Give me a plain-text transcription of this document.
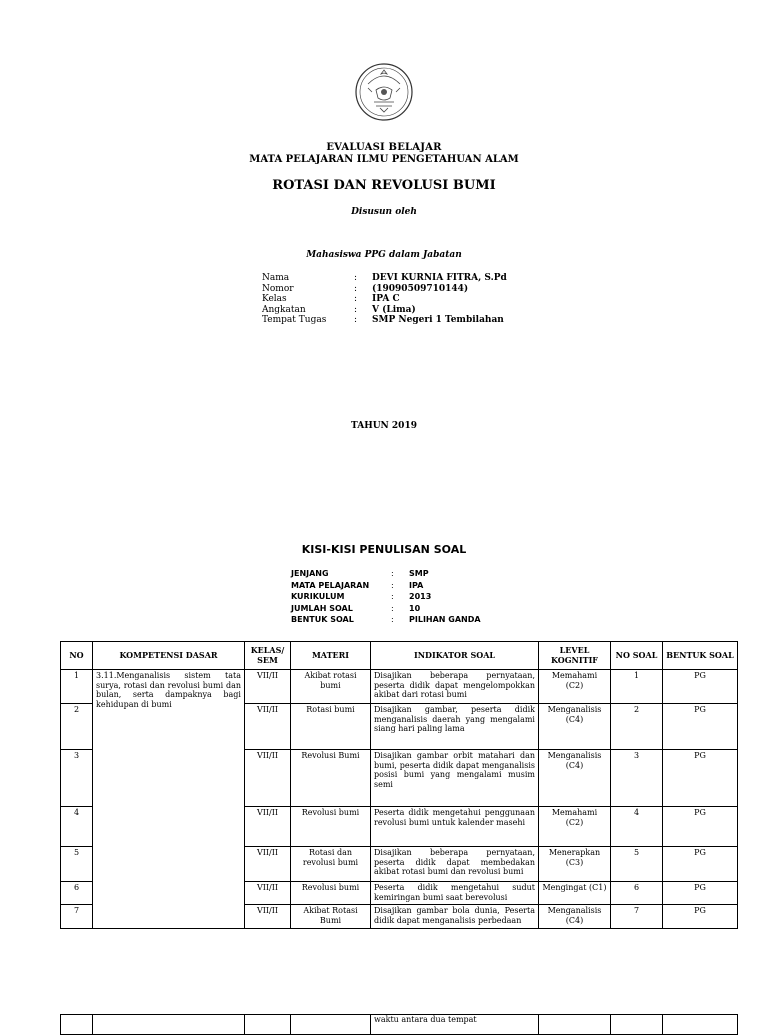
EVALUASI BELAJAR
MATA PELAJARAN ILMU PENGETAHUAN ALAM
ROTASI DAN REVOLUSI BUMI
Disusun oleh
Mahasiswa PPG dalam Jabatan
Nama	:	DEVI KURNIA FITRA, S.Pd
Nomor	:	(19090509710144)
Kelas	:	IPA C
Angkatan	:	V (Lima)
Tempat Tugas	:	SMP Negeri 1 Tembilahan
TAHUN 2019
KISI-KISI PENULISAN SOAL
JENJANG	:	SMP
MATA PELAJARAN	:	IPA
KURIKULUM	:	2013
JUMLAH SOAL	:	10
BENTUK SOAL	:	PILIHAN GANDA
NO	KOMPETENSI DASAR	KELAS/ SEM	MATERI	INDIKATOR SOAL	LEVEL KOGNITIF	NO SOAL	BENTUK SOAL
1	3.11.Menganalisis sistem tata surya, rotasi dan revolusi bumi dan bulan, serta dampaknya bagi kehidupan di bumi	VII/II	Akibat rotasi bumi	Disajikan beberapa pernyataan, peserta didik dapat mengelompokkan akibat dari rotasi bumi	Memahami (C2)	1	PG
2		VII/II	Rotasi bumi	Disajikan gambar, peserta didik menganalisis daerah yang mengalami siang hari paling lama	Menganalisis (C4)	2	PG
3		VII/II	Revolusi Bumi	Disajikan gambar orbit matahari dan bumi, peserta didik dapat menganalisis posisi bumi yang mengalami musim semi	Menganalisis (C4)	3	PG
4		VII/II	Revolusi bumi	Peserta didik mengetahui penggunaan revolusi bumi untuk kalender masehi	Memahami (C2)	4	PG
5		VII/II	Rotasi dan revolusi bumi	Disajikan beberapa pernyataan, peserta didik dapat membedakan akibat rotasi bumi dan revolusi bumi	Menerapkan (C3)	5	PG
6		VII/II	Revolusi bumi	Peserta didik mengetahui sudut kemiringan bumi saat berevolusi	Mengingat (C1)	6	PG
7		VII/II	Akibat Rotasi Bumi	Disajikan gambar bola dunia, Peserta didik dapat menganalisis perbedaan	Menganalisis (C4)	7	PG
				waktu antara dua tempat			
